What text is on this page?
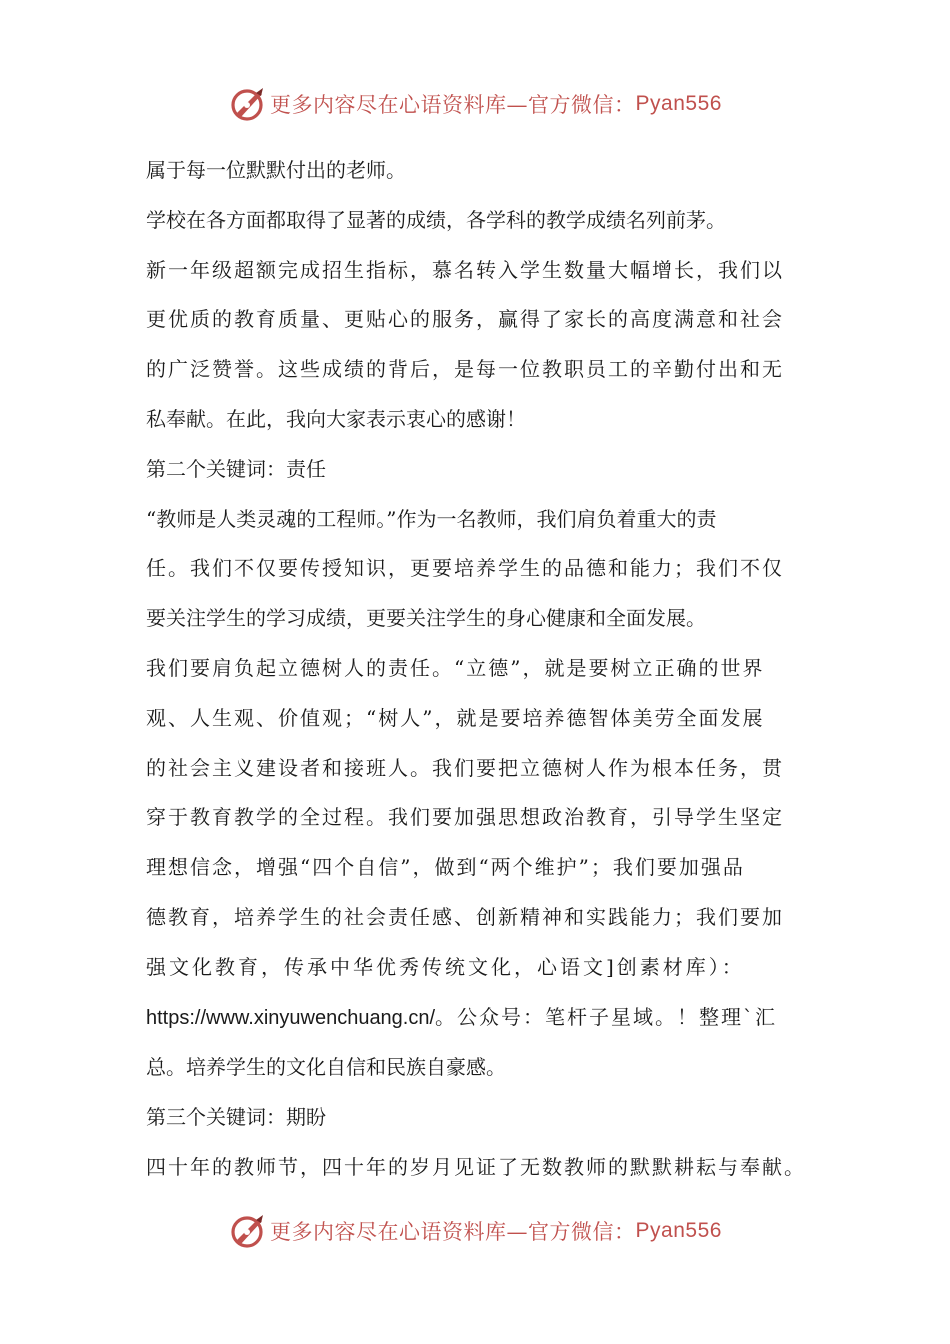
更多内容尽在心语资料库—官方微信： Pyan556

属于每一位默默付出的老师。

学校在各方面都取得了显著的成绩，各学科的教学成绩名列前茅。

新一年级超额完成招生指标，慕名转入学生数量大幅增长，我们以

更优质的教育质量、更贴心的服务，赢得了家长的高度满意和社会

的广泛赞誉。这些成绩的背后，是每一位教职员工的辛勤付出和无

私奉献。在此，我向大家表示衷心的感谢！

第二个关键词：责任

“教师是人类灵魂的工程师。”作为一名教师，我们肩负着重大的责

任。我们不仅要传授知识，更要培养学生的品德和能力；我们不仅

要关注学生的学习成绩，更要关注学生的身心健康和全面发展。

我们要肩负起立德树人的责任。“立德”，就是要树立正确的世界

观、人生观、价值观；“树人”，就是要培养德智体美劳全面发展

的社会主义建设者和接班人。我们要把立德树人作为根本任务，贯

穿于教育教学的全过程。我们要加强思想政治教育，引导学生坚定

理想信念，增强“四个自信”，做到“两个维护”；我们要加强品

德教育，培养学生的社会责任感、创新精神和实践能力；我们要加

强文化教育，传承中华优秀传统文化，心语文]创素材库）：

https://www.xinyuwenchuang.cn/。公众号：笔杆子星域。！整理`汇

总。培养学生的文化自信和民族自豪感。

第三个关键词：期盼

四十年的教师节，四十年的岁月见证了无数教师的默默耕耘与奉献。

更多内容尽在心语资料库—官方微信： Pyan556
